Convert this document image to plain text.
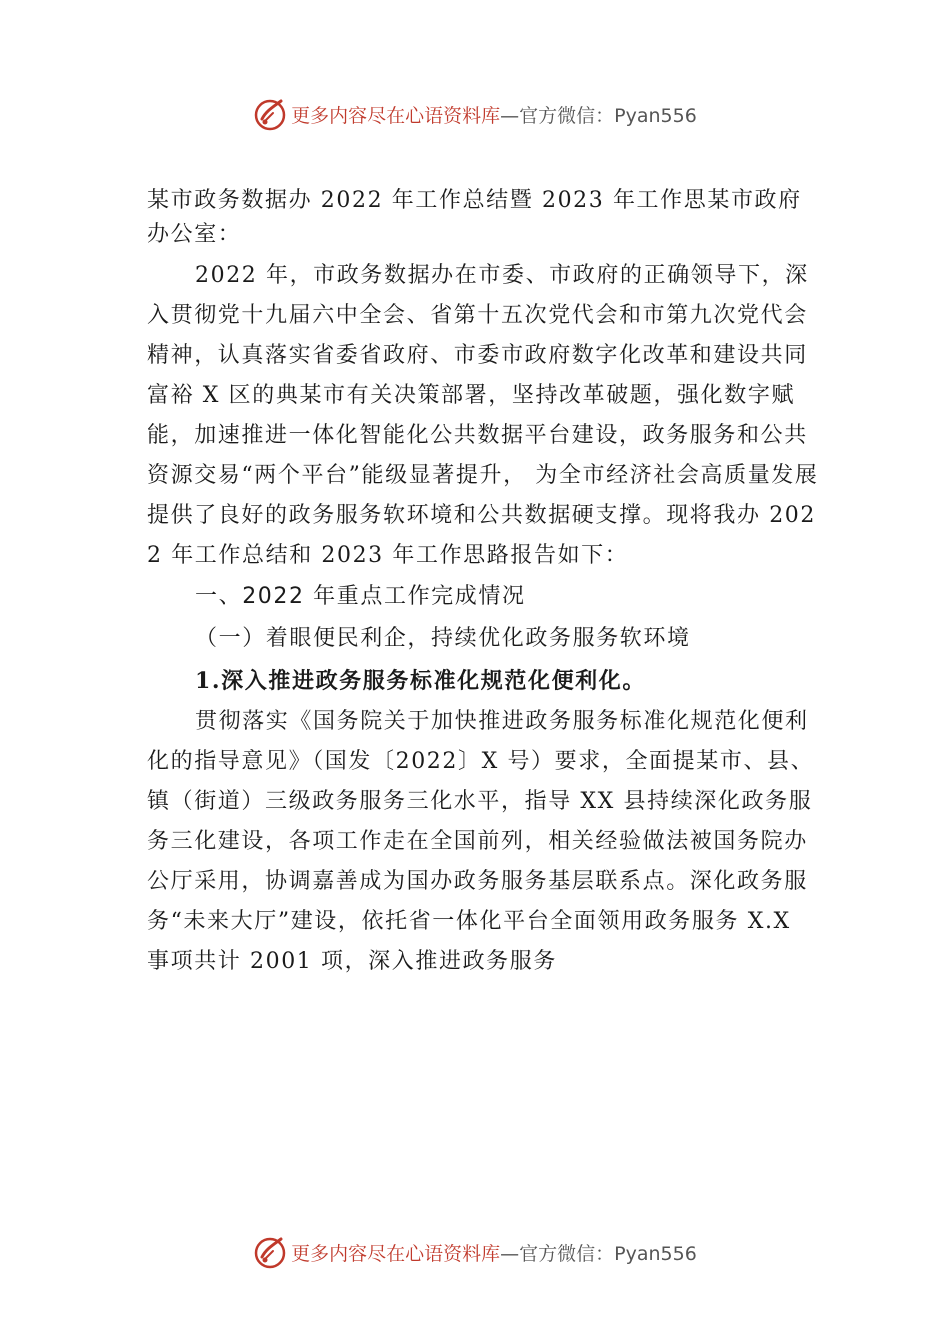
更多内容尽在心语资料库—官方微信：Pyan556

某市政务数据办 2022 年工作总结暨 2023 年工作思某市政府办公室：

2022 年，市政务数据办在市委、市政府的正确领导下，深入贯彻党十九届六中全会、省第十五次党代会和市第九次党代会精神，认真落实省委省政府、市委市政府数字化改革和建设共同富裕 X 区的典某市有关决策部署，坚持改革破题，强化数字赋能，加速推进一体化智能化公共数据平台建设，政务服务和公共资源交易“两个平台”能级显著提升， 为全市经济社会高质量发展提供了良好的政务服务软环境和公共数据硬支撑。现将我办 2022 年工作总结和 2023 年工作思路报告如下：

一、2022 年重点工作完成情况

（一）着眼便民利企，持续优化政务服务软环境

1.深入推进政务服务标准化规范化便利化。

贯彻落实《国务院关于加快推进政务服务标准化规范化便利化的指导意见》（国发〔2022〕X 号）要求，全面提某市、县、镇（街道）三级政务服务三化水平，指导 XX 县持续深化政务服务三化建设，各项工作走在全国前列，相关经验做法被国务院办公厅采用，协调嘉善成为国办政务服务基层联系点。深化政务服务“未来大厅”建设，依托省一体化平台全面领用政务服务 X.X 事项共计 2001 项，深入推进政务服务

更多内容尽在心语资料库—官方微信：Pyan556
